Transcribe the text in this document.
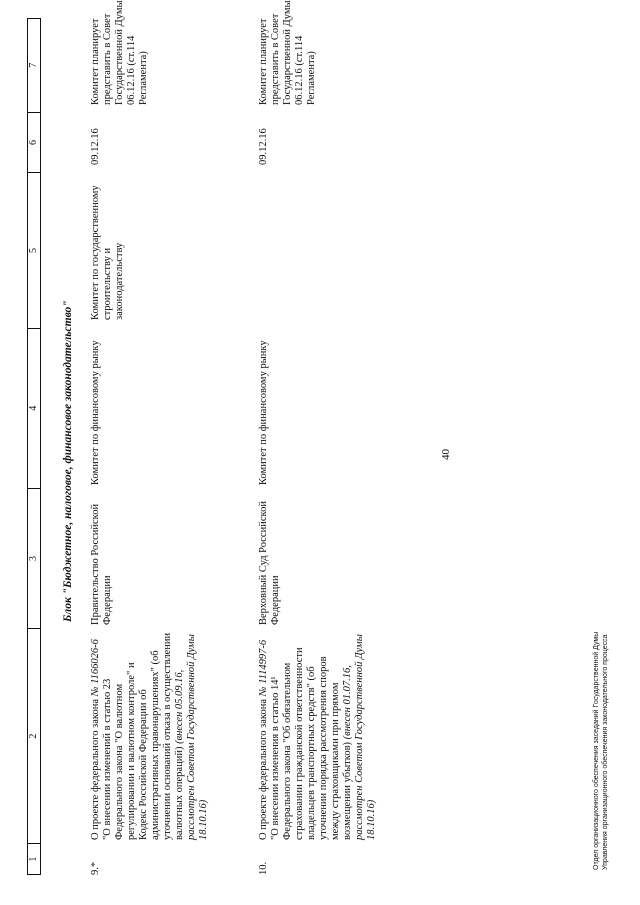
40
1
2
3
4
5
6
7
Блок "Бюджетное, налоговое, финансовое законодательство"
9.*
О проекте федерального закона № 1166026-6 "О внесении изменений в статью 23 Федерального закона "О валютном регулировании и валютном контроле" и Кодекс Российской Федерации об административных правонарушениях" (об уточнении оснований отказа в осуществлении валютных операций) (внесен 05.09.16, рассмотрен Советом Государственной Думы 18.10.16)
Правительство Российской Федерации
Комитет по финансовому рынку
Комитет по государственному строительству и законодательству
09.12.16
Комитет планирует представить в Совет Государственной Думы 06.12.16 (ст.114 Регламента)
10.
О проекте федерального закона № 1114997-6 "О внесении изменения в статью 14¹ Федерального закона "Об обязательном страховании гражданской ответственности владельцев транспортных средств" (об уточнении порядка рассмотрения споров между страховщиками при прямом возмещении убытков) (внесен 01.07.16, рассмотрен Советом Государственной Думы 18.10.16)
Верховный Суд Российской Федерации
Комитет по финансовому рынку
09.12.16
Комитет планирует представить в Совет Государственной Думы 06.12.16 (ст.114 Регламента)
Отдел организационного обеспечения заседаний Государственной Думы Управления организационного обеспечения законодательного процесса
